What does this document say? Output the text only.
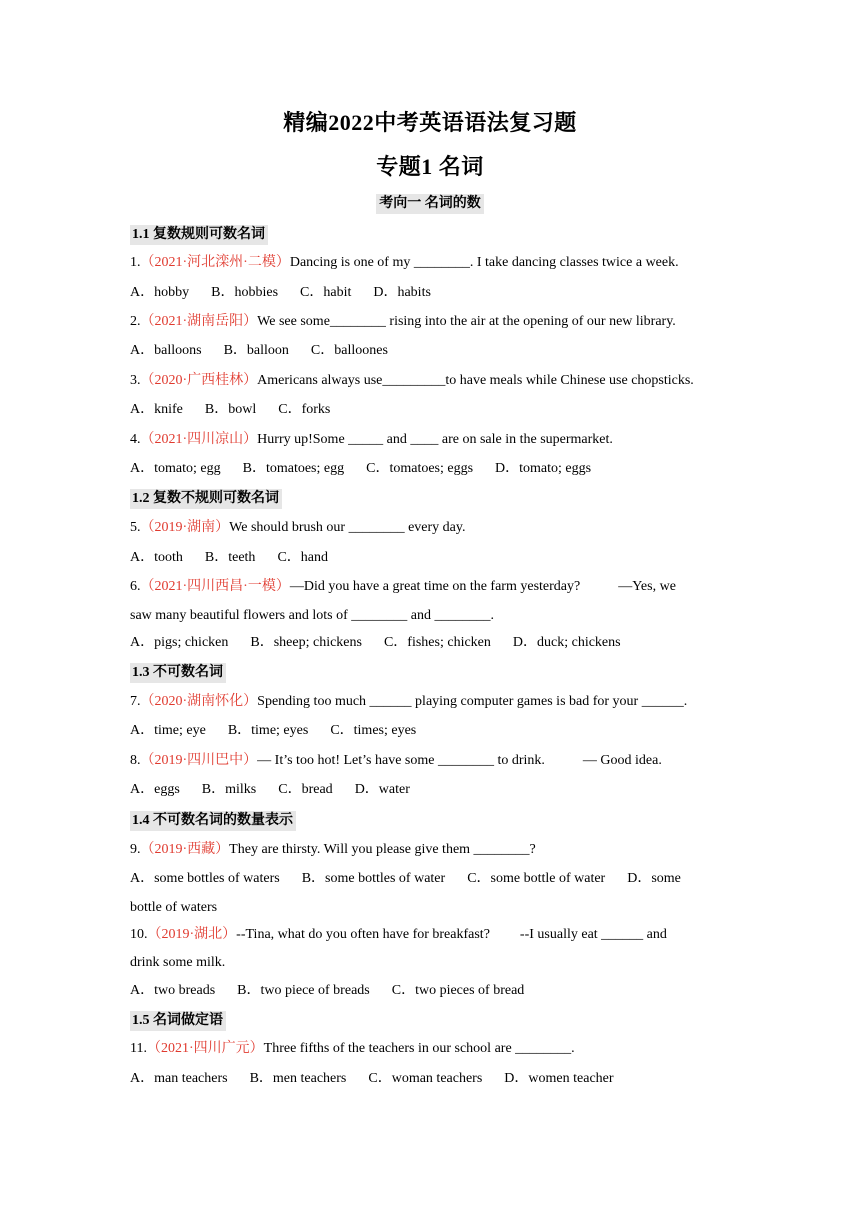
精编2022中考英语语法复习题
专题1 名词
考向一 名词的数
1.1 复数规则可数名词
1.（2021·河北滦州·二模）Dancing is one of my ________. I take dancing classes twice a week.
A．hobby B．hobbies C．habit D．habits
2.（2021·湖南岳阳）We see some________ rising into the air at the opening of our new library.
A．balloons B．balloon C．balloones
3.（2020·广西桂林）Americans always use_________to have meals while Chinese use chopsticks.
A．knife B．bowl C．forks
4.（2021·四川凉山）Hurry up!Some _____ and ____ are on sale in the supermarket.
A．tomato; egg B．tomatoes; egg C．tomatoes; eggs D．tomato; eggs
1.2 复数不规则可数名词
5.（2019·湖南）We should brush our ________ every day.
A．tooth B．teeth C．hand
6.（2021·四川西昌·一模）—Did you have a great time on the farm yesterday?	—Yes, we
saw many beautiful flowers and lots of ________ and ________.
A．pigs; chicken B．sheep; chickens C．fishes; chicken D．duck; chickens
1.3 不可数名词
7.（2020·湖南怀化）Spending too much ______ playing computer games is bad for your ______.
A．time; eye B．time; eyes C．times; eyes
8.（2019·四川巴中）— It’s too hot! Let’s have some ________ to drink.	— Good idea.
A．eggs B．milks C．bread D．water
1.4 不可数名词的数量表示
9.（2019·西藏）They are thirsty. Will you please give them ________?
A．some bottles of waters B．some bottles of water C．some bottle of water D．some
bottle of waters
10.（2019·湖北）--Tina, what do you often have for breakfast? --I usually eat ______ and
drink some milk.
A．two breads B．two piece of breads C．two pieces of bread
1.5 名词做定语
11.（2021·四川广元）Three fifths of the teachers in our school are ________.
A．man teachers B．men teachers C．woman teachers D．women teacher
